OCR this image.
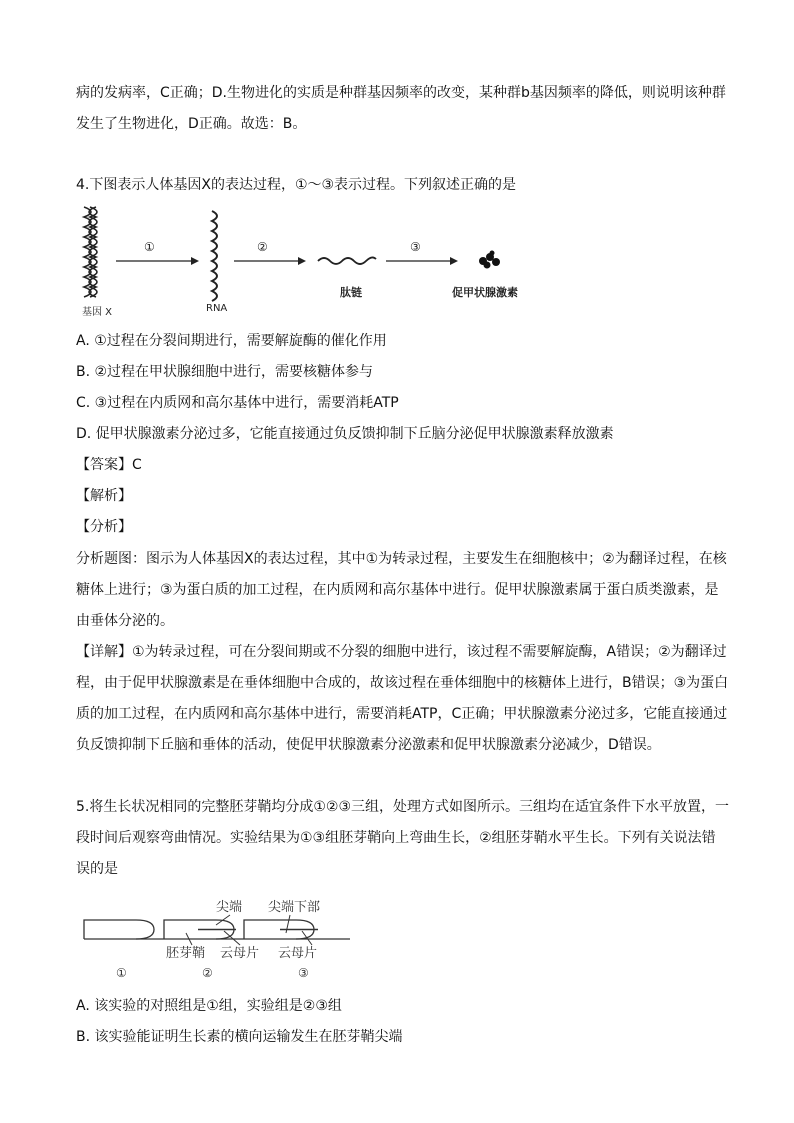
病的发病率，C正确；D.生物进化的实质是种群基因频率的改变，某种群b基因频率的降低，则说明该种群
发生了生物进化，D正确。故选：B。
4.下图表示人体基因X的表达过程，①～③表示过程。下列叙述正确的是
基因 X
①
RNA
②
肽链
③
促甲状腺激素
A. ①过程在分裂间期进行，需要解旋酶的催化作用
B. ②过程在甲状腺细胞中进行，需要核糖体参与
C. ③过程在内质网和高尔基体中进行，需要消耗ATP
D. 促甲状腺激素分泌过多，它能直接通过负反馈抑制下丘脑分泌促甲状腺激素释放激素
【答案】C
【解析】
【分析】
分析题图：图示为人体基因X的表达过程，其中①为转录过程，主要发生在细胞核中；②为翻译过程，在核
糖体上进行；③为蛋白质的加工过程，在内质网和高尔基体中进行。促甲状腺激素属于蛋白质类激素，是
由垂体分泌的。
【详解】①为转录过程，可在分裂间期或不分裂的细胞中进行，该过程不需要解旋酶，A错误；②为翻译过
程，由于促甲状腺激素是在垂体细胞中合成的，故该过程在垂体细胞中的核糖体上进行，B错误；③为蛋白
质的加工过程，在内质网和高尔基体中进行，需要消耗ATP，C正确；甲状腺激素分泌过多，它能直接通过
负反馈抑制下丘脑和垂体的活动，使促甲状腺激素分泌激素和促甲状腺激素分泌减少，D错误。
5.将生长状况相同的完整胚芽鞘均分成①②③三组，处理方式如图所示。三组均在适宜条件下水平放置，一
段时间后观察弯曲情况。实验结果为①③组胚芽鞘向上弯曲生长，②组胚芽鞘水平生长。下列有关说法错
误的是
尖端 尖端下部
胚芽鞘 云母片 云母片
①	②	③
A. 该实验的对照组是①组，实验组是②③组
B. 该实验能证明生长素的横向运输发生在胚芽鞘尖端
